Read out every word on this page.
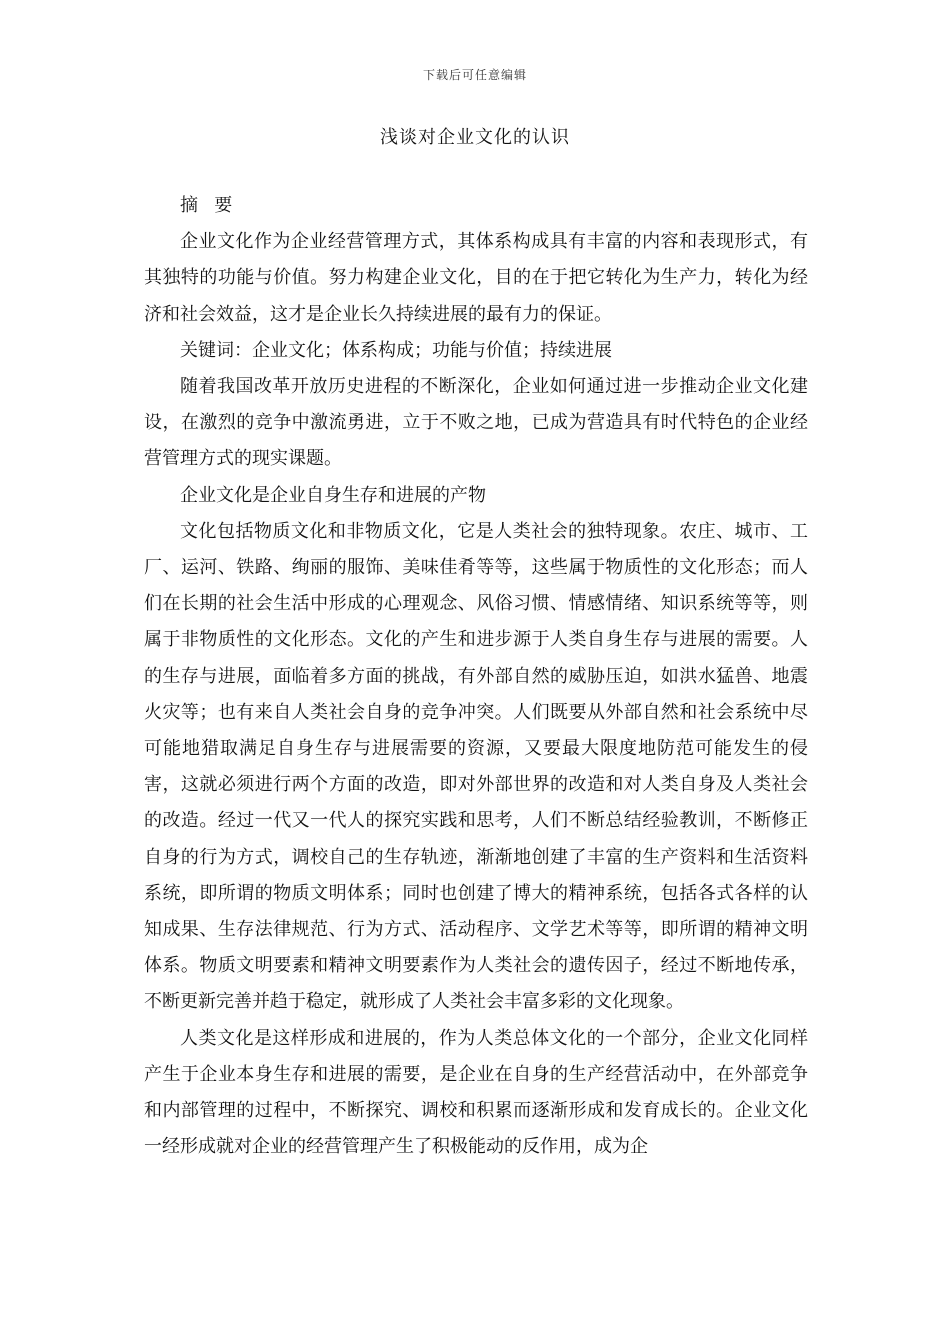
下载后可任意编辑
浅谈对企业文化的认识

摘要

企业文化作为企业经营管理方式，其体系构成具有丰富的内容和表现形式，有其独特的功能与价值。努力构建企业文化，目的在于把它转化为生产力，转化为经济和社会效益，这才是企业长久持续进展的最有力的保证。

关键词：企业文化；体系构成；功能与价值；持续进展

随着我国改革开放历史进程的不断深化，企业如何通过进一步推动企业文化建设，在激烈的竞争中激流勇进，立于不败之地，已成为营造具有时代特色的企业经营管理方式的现实课题。

企业文化是企业自身生存和进展的产物

文化包括物质文化和非物质文化，它是人类社会的独特现象。农庄、城市、工厂、运河、铁路、绚丽的服饰、美味佳肴等等，这些属于物质性的文化形态；而人们在长期的社会生活中形成的心理观念、风俗习惯、情感情绪、知识系统等等，则属于非物质性的文化形态。文化的产生和进步源于人类自身生存与进展的需要。人的生存与进展，面临着多方面的挑战，有外部自然的威胁压迫，如洪水猛兽、地震火灾等；也有来自人类社会自身的竞争冲突。人们既要从外部自然和社会系统中尽可能地猎取满足自身生存与进展需要的资源，又要最大限度地防范可能发生的侵害，这就必须进行两个方面的改造，即对外部世界的改造和对人类自身及人类社会的改造。经过一代又一代人的探究实践和思考，人们不断总结经验教训，不断修正自身的行为方式，调校自己的生存轨迹，渐渐地创建了丰富的生产资料和生活资料系统，即所谓的物质文明体系；同时也创建了博大的精神系统，包括各式各样的认知成果、生存法律规范、行为方式、活动程序、文学艺术等等，即所谓的精神文明体系。物质文明要素和精神文明要素作为人类社会的遗传因子，经过不断地传承，不断更新完善并趋于稳定，就形成了人类社会丰富多彩的文化现象。

人类文化是这样形成和进展的，作为人类总体文化的一个部分，企业文化同样产生于企业本身生存和进展的需要，是企业在自身的生产经营活动中，在外部竞争和内部管理的过程中，不断探究、调校和积累而逐渐形成和发育成长的。企业文化一经形成就对企业的经营管理产生了积极能动的反作用，成为企
